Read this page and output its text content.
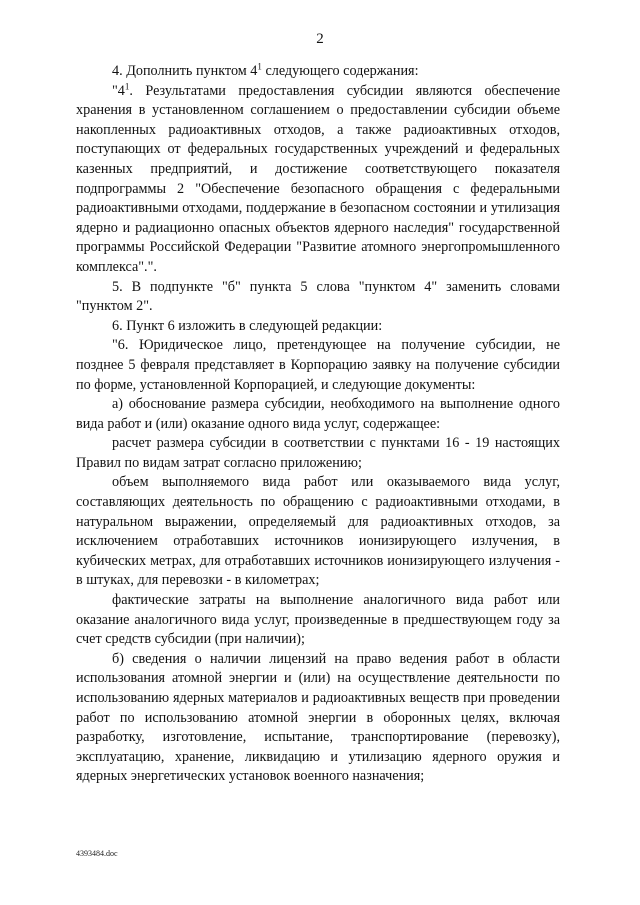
2

4. Дополнить пунктом $4^1$ следующего содержания:

"$4^1$. Результатами предоставления субсидии являются обеспечение хранения в установленном соглашением о предоставлении субсидии объеме накопленных радиоактивных отходов, а также радиоактивных отходов, поступающих от федеральных государственных учреждений и федеральных казенных предприятий, и достижение соответствующего показателя подпрограммы 2 "Обеспечение безопасного обращения с федеральными радиоактивными отходами, поддержание в безопасном состоянии и утилизация ядерно и радиационно опасных объектов ядерного наследия" государственной программы Российской Федерации "Развитие атомного энергопромышленного комплекса".".

5. В подпункте "б" пункта 5 слова "пунктом 4" заменить словами "пунктом 2".

6. Пункт 6 изложить в следующей редакции:

"6. Юридическое лицо, претендующее на получение субсидии, не позднее 5 февраля представляет в Корпорацию заявку на получение субсидии по форме, установленной Корпорацией, и следующие документы:

а) обоснование размера субсидии, необходимого на выполнение одного вида работ и (или) оказание одного вида услуг, содержащее:

расчет размера субсидии в соответствии с пунктами 16 - 19 настоящих Правил по видам затрат согласно приложению;

объем выполняемого вида работ или оказываемого вида услуг, составляющих деятельность по обращению с радиоактивными отходами, в натуральном выражении, определяемый для радиоактивных отходов, за исключением отработавших источников ионизирующего излучения, в кубических метрах, для отработавших источников ионизирующего излучения - в штуках, для перевозки - в километрах;

фактические затраты на выполнение аналогичного вида работ или оказание аналогичного вида услуг, произведенные в предшествующем году за счет средств субсидии (при наличии);

б) сведения о наличии лицензий на право ведения работ в области использования атомной энергии и (или) на осуществление деятельности по использованию ядерных материалов и радиоактивных веществ при проведении работ по использованию атомной энергии в оборонных целях, включая разработку, изготовление, испытание, транспортирование (перевозку), эксплуатацию, хранение, ликвидацию и утилизацию ядерного оружия и ядерных энергетических установок военного назначения;

4393484.doc
